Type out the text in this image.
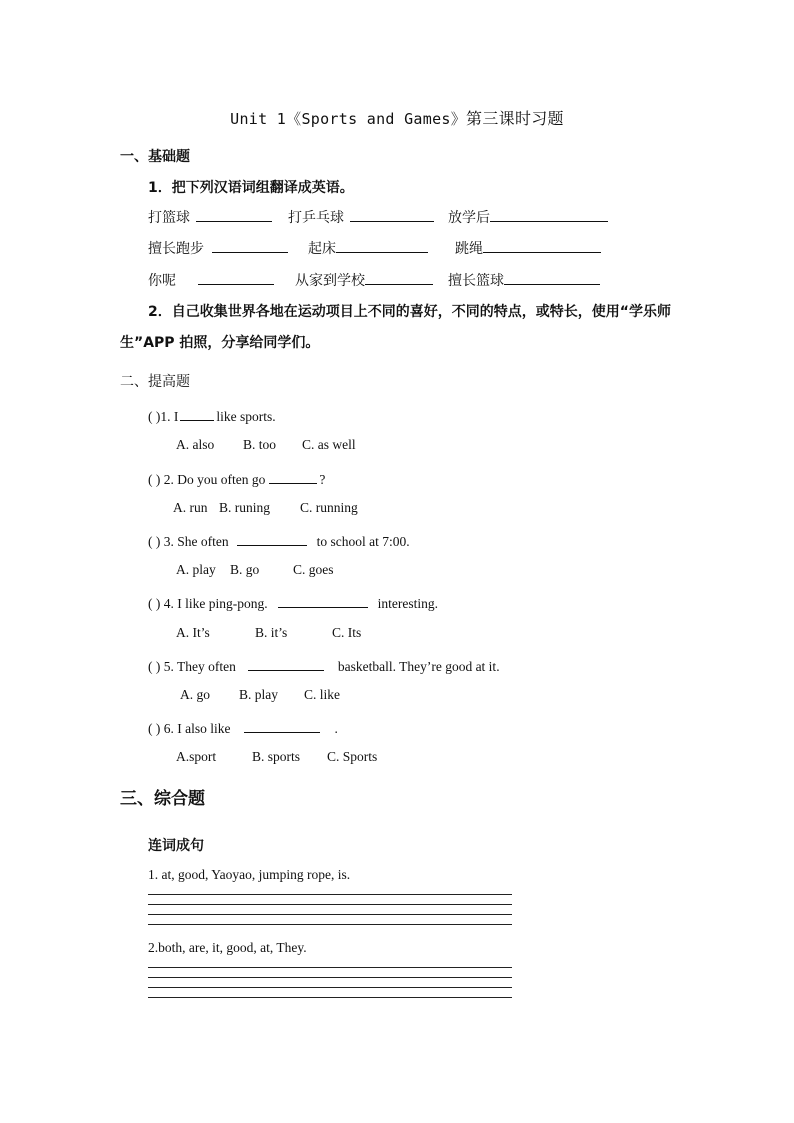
Unit 1《Sports and Games》第三课时习题
一、基础题
1．把下列汉语词组翻译成英语。
打篮球	打乒乓球	放学后
擅长跑步	起床	跳绳
你呢	从家到学校	擅长篮球
2．自己收集世界各地在运动项目上不同的喜好，不同的特点，或特长，使用“学乐师
生”APP 拍照，分享给同学们。
二、提高题
( )1. I	like sports.
A. also B. too C. as well
( ) 2. Do you often go	?
A. run B. runing C. running
( ) 3. She often	to school at 7:00.
A. play B. go C. goes
( ) 4. I like ping-pong.	interesting.
A. It’s	B. it’s	C. Its
( ) 5. They often	basketball. They’re good at it.
A. go B. play C. like
( ) 6. I also like	.
A.sport	B. sports C. Sports
三、综合题
连词成句
1. at, good, Yaoyao, jumping rope, is.
2.both, are, it, good, at, They.
